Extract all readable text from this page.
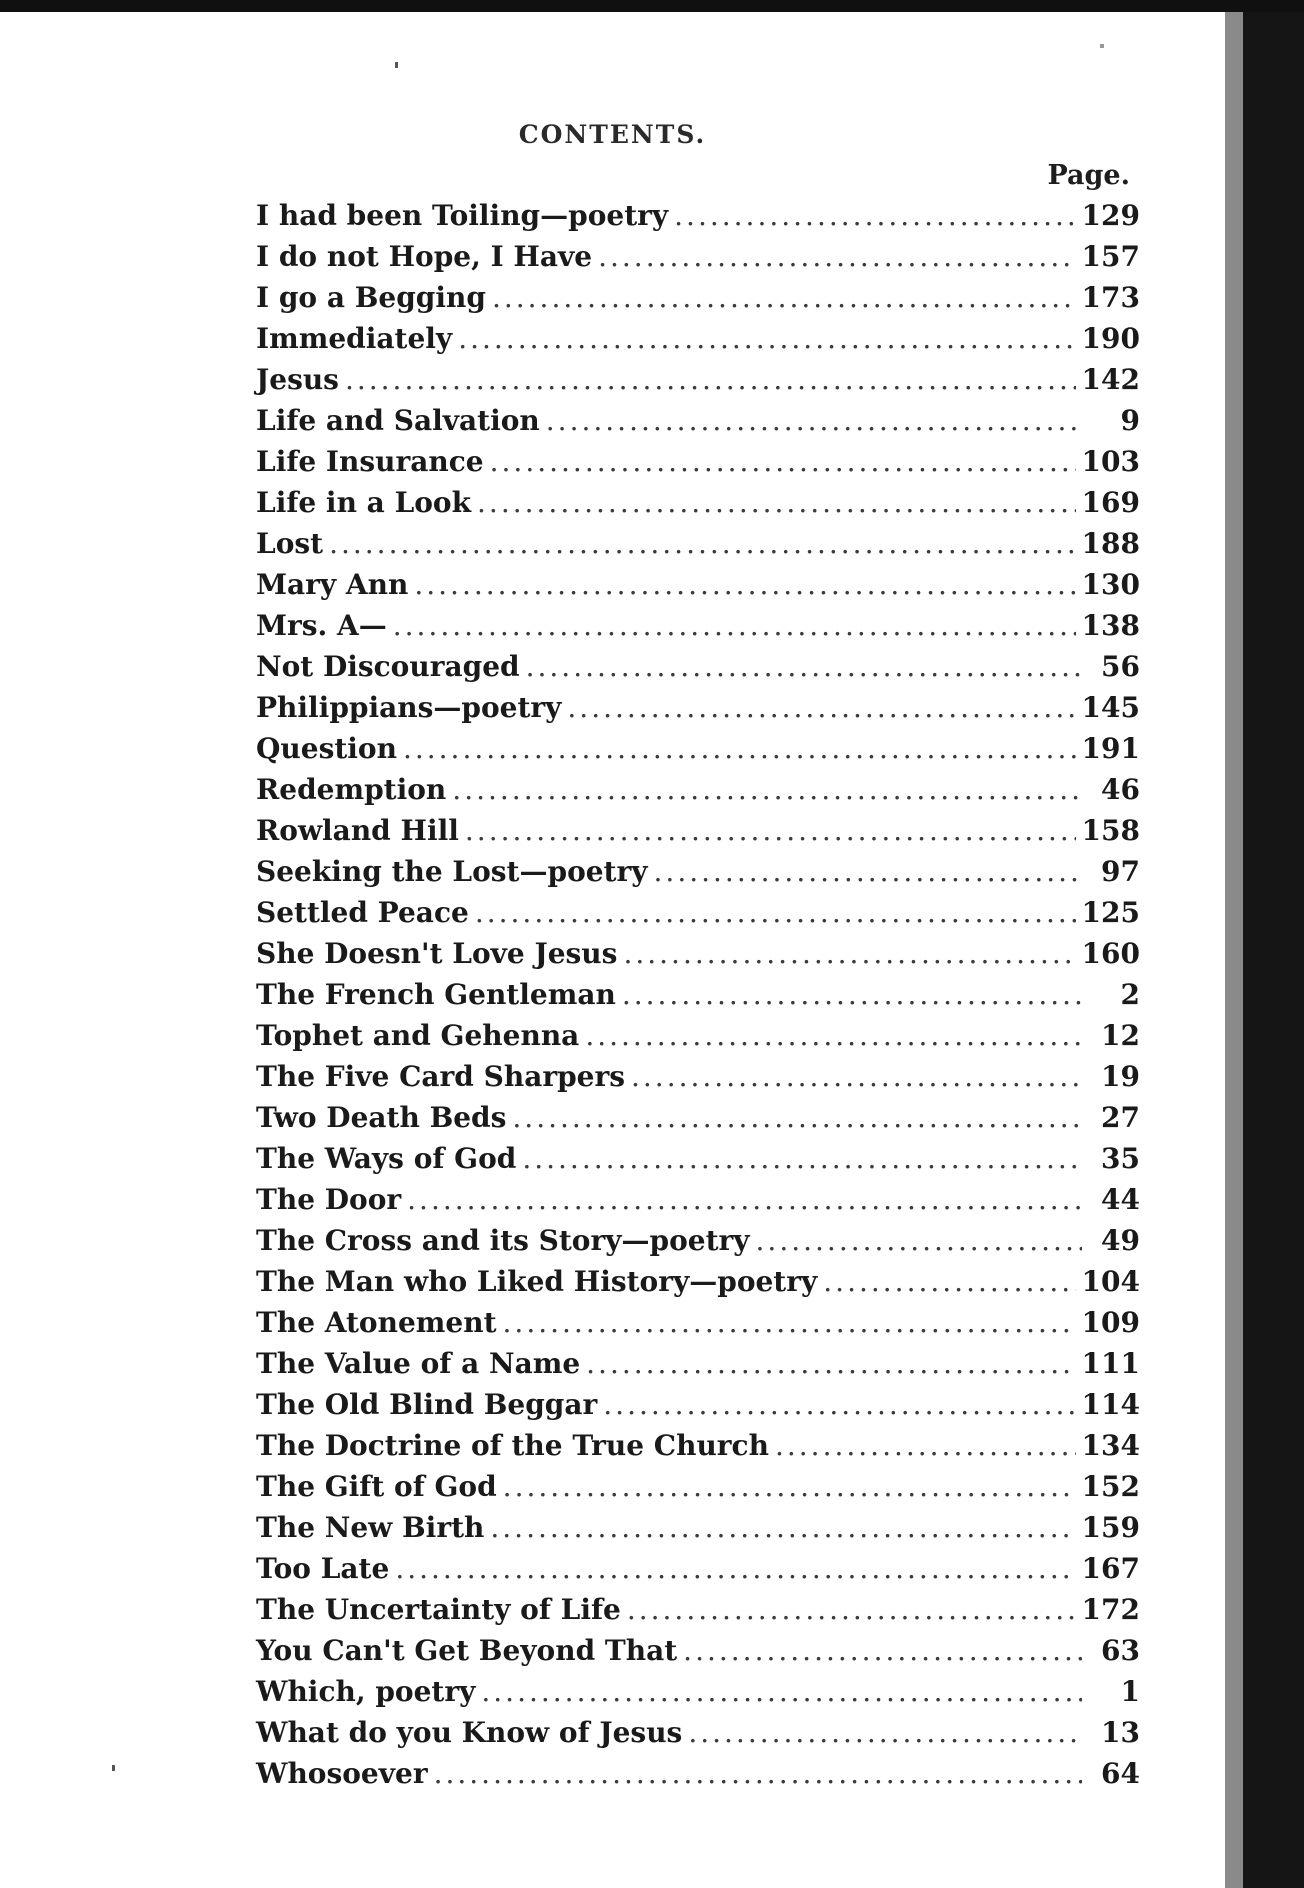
CONTENTS.
Page.
I had been Toiling—poetry .....	129
I do not Hope, I Have .....	157
I go a Begging .....	173
Immediately .....	190
Jesus .....	142
Life and Salvation .....	9
Life Insurance .....	103
Life in a Look .....	169
Lost .....	188
Mary Ann .....	130
Mrs. A— .....	138
Not Discouraged .....	56
Philippians—poetry .....	145
Question .....	191
Redemption .....	46
Rowland Hill .....	158
Seeking the Lost—poetry .....	97
Settled Peace .....	125
She Doesn't Love Jesus .....	160
The French Gentleman .....	2
Tophet and Gehenna .....	12
The Five Card Sharpers .....	19
Two Death Beds .....	27
The Ways of God .....	35
The Door .....	44
The Cross and its Story—poetry .....	49
The Man who Liked History—poetry .....	104
The Atonement .....	109
The Value of a Name .....	111
The Old Blind Beggar .....	114
The Doctrine of the True Church .....	134
The Gift of God .....	152
The New Birth .....	159
Too Late .....	167
The Uncertainty of Life .....	172
You Can't Get Beyond That .....	63
Which, poetry .....	1
What do you Know of Jesus .....	13
Whosoever .....	64
